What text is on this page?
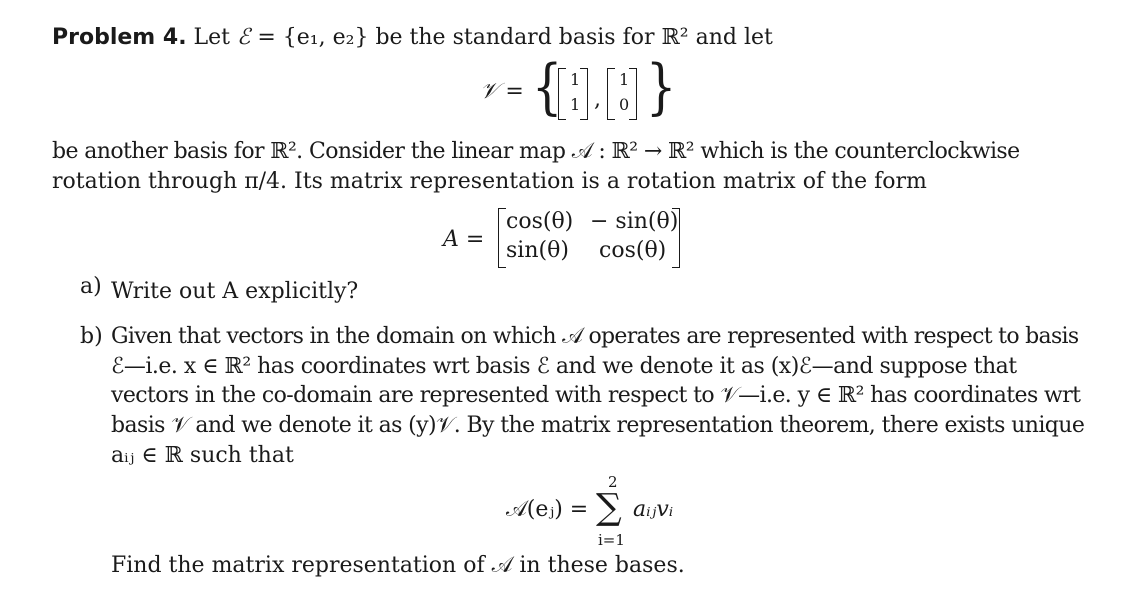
Problem 4. Let ℰ = {e₁, e₂} be the standard basis for ℝ² and let
𝒱 = { 1
1 ,
1
0 }
be another basis for ℝ². Consider the linear map 𝒜 : ℝ² → ℝ² which is the counterclockwise
rotation through π/4. Its matrix representation is a rotation matrix of the form
A =
cos(θ) − sin(θ)
sin(θ) cos(θ)
a) Write out A explicitly?
b) Given that vectors in the domain on which 𝒜 operates are represented with respect to basis
ℰ—i.e. x ∈ ℝ² has coordinates wrt basis ℰ and we denote it as (x)ℰ—and suppose that
vectors in the co-domain are represented with respect to 𝒱—i.e. y ∈ ℝ² has coordinates wrt
basis 𝒱 and we denote it as (y)𝒱. By the matrix representation theorem, there exists unique
aᵢⱼ ∈ ℝ such that
𝒜(eⱼ) =
2
∑
i=1
aᵢⱼvᵢ
Find the matrix representation of 𝒜 in these bases.
